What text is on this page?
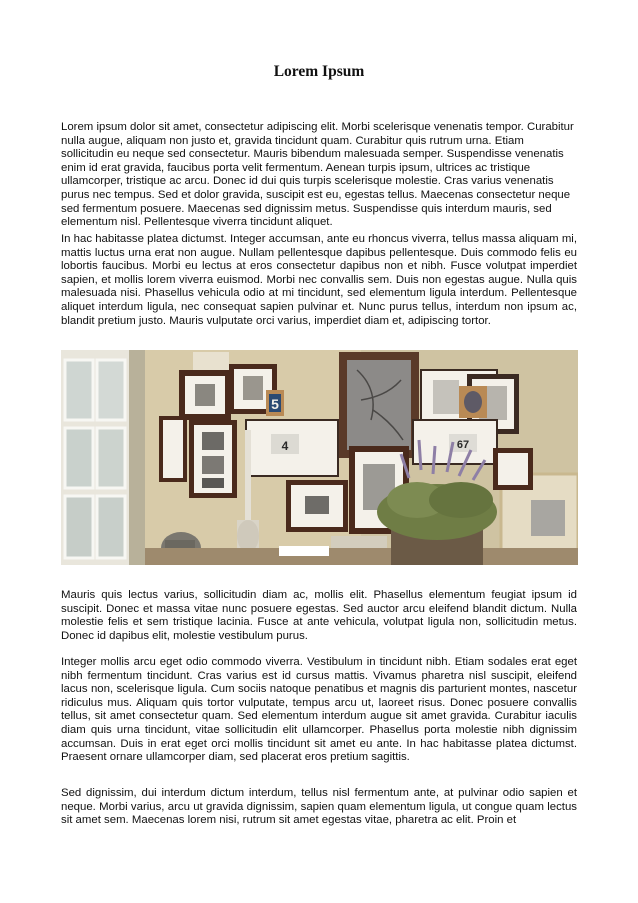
Lorem Ipsum

Lorem ipsum dolor sit amet, consectetur adipiscing elit. Morbi scelerisque venenatis tempor. Curabitur nulla augue, aliquam non justo et, gravida tincidunt quam. Curabitur quis rutrum urna. Etiam sollicitudin eu neque sed consectetur. Mauris bibendum malesuada semper. Suspendisse venenatis enim id erat gravida, faucibus porta velit fermentum. Aenean turpis ipsum, ultrices ac tristique ullamcorper, tristique ac arcu. Donec id dui quis turpis scelerisque molestie. Cras varius venenatis purus nec tempus. Sed et dolor gravida, suscipit est eu, egestas tellus. Maecenas consectetur neque sed fermentum posuere. Maecenas sed dignissim metus. Suspendisse quis interdum mauris, sed elementum nisl. Pellentesque viverra tincidunt aliquet.

In hac habitasse platea dictumst. Integer accumsan, ante eu rhoncus viverra, tellus massa aliquam mi, mattis luctus urna erat non augue. Nullam pellentesque dapibus pellentesque. Duis commodo felis eu lobortis faucibus. Morbi eu lectus at eros consectetur dapibus non et nibh. Fusce volutpat imperdiet sapien, et mollis lorem viverra euismod. Morbi nec convallis sem. Duis non egestas augue. Nulla quis malesuada nisi. Phasellus vehicula odio at mi tincidunt, sed elementum ligula interdum. Pellentesque aliquet interdum ligula, nec consequat sapien pulvinar et. Nunc purus tellus, interdum non ipsum ac, blandit pretium justo. Mauris vulputate orci varius, imperdiet diam et, adipiscing tortor.

5
4	67

Mauris quis lectus varius, sollicitudin diam ac, mollis elit. Phasellus elementum feugiat ipsum id suscipit. Donec et massa vitae nunc posuere egestas. Sed auctor arcu eleifend blandit dictum. Nulla molestie felis et sem tristique lacinia. Fusce at ante vehicula, volutpat ligula non, sollicitudin metus. Donec id dapibus elit, molestie vestibulum purus.

Integer mollis arcu eget odio commodo viverra. Vestibulum in tincidunt nibh. Etiam sodales erat eget nibh fermentum tincidunt. Cras varius est id cursus mattis. Vivamus pharetra nisl suscipit, eleifend lacus non, scelerisque ligula. Cum sociis natoque penatibus et magnis dis parturient montes, nascetur ridiculus mus. Aliquam quis tortor vulputate, tempus arcu ut, laoreet risus. Donec posuere convallis tellus, sit amet consectetur quam. Sed elementum interdum augue sit amet gravida. Curabitur iaculis diam quis urna tincidunt, vitae sollicitudin elit ullamcorper. Phasellus porta molestie nibh dignissim accumsan. Duis in erat eget orci mollis tincidunt sit amet eu ante. In hac habitasse platea dictumst. Praesent ornare ullamcorper diam, sed placerat eros pretium sagittis.

Sed dignissim, dui interdum dictum interdum, tellus nisl fermentum ante, at pulvinar odio sapien et neque. Morbi varius, arcu ut gravida dignissim, sapien quam elementum ligula, ut congue quam lectus sit amet sem. Maecenas lorem nisi, rutrum sit amet egestas vitae, pharetra ac elit. Proin et
